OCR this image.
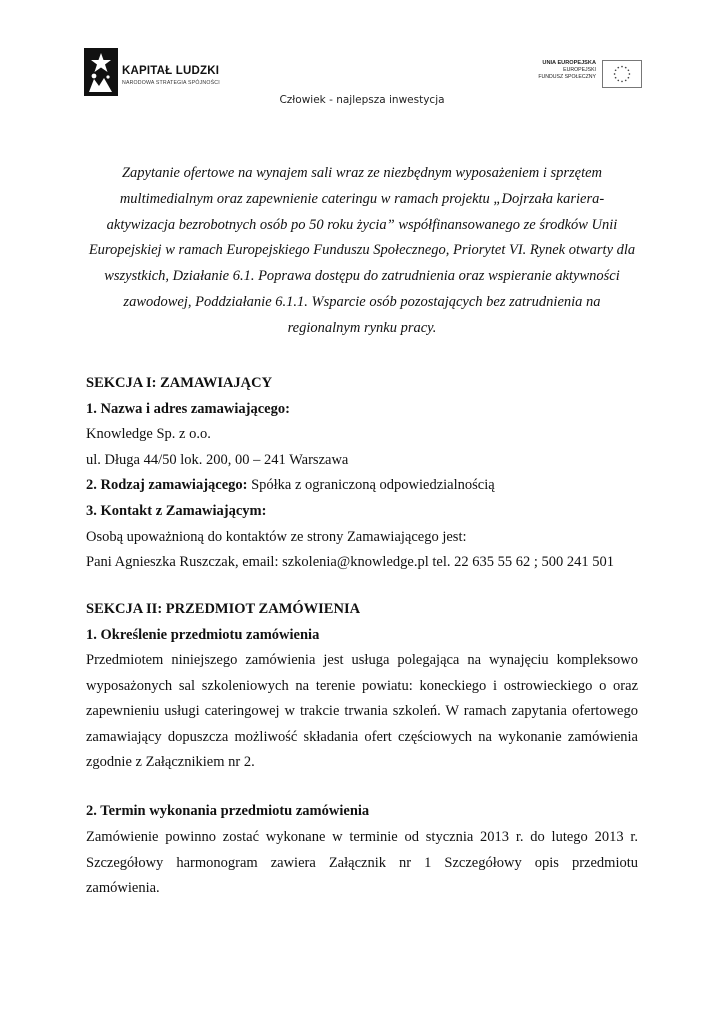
KAPITAŁ LUDZKI
NARODOWA STRATEGIA SPÓJNOŚCI
UNIA EUROPEJSKA
EUROPEJSKI
FUNDUSZ SPOŁECZNY
Człowiek - najlepsza inwestycja

Zapytanie ofertowe na wynajem sali wraz ze niezbędnym wyposażeniem i sprzętem multimedialnym oraz zapewnienie cateringu w ramach projektu „Dojrzała kariera- aktywizacja bezrobotnych osób po 50 roku życia” współfinansowanego ze środków Unii Europejskiej w ramach Europejskiego Funduszu Społecznego, Priorytet VI. Rynek otwarty dla wszystkich, Działanie 6.1. Poprawa dostępu do zatrudnienia oraz wspieranie aktywności zawodowej, Poddziałanie 6.1.1. Wsparcie osób pozostających bez zatrudnienia na regionalnym rynku pracy.

SEKCJA I: ZAMAWIAJĄCY
1. Nazwa i adres zamawiającego:
Knowledge Sp. z o.o.
ul. Długa 44/50 lok. 200, 00 – 241 Warszawa
2. Rodzaj zamawiającego: Spółka z ograniczoną odpowiedzialnością
3. Kontakt z Zamawiającym:
Osobą upoważnioną do kontaktów ze strony Zamawiającego jest:
Pani Agnieszka Ruszczak, email: szkolenia@knowledge.pl tel. 22 635 55 62 ; 500 241 501
SEKCJA II: PRZEDMIOT ZAMÓWIENIA
1. Określenie przedmiotu zamówienia

Przedmiotem niniejszego zamówienia jest usługa polegająca na wynajęciu kompleksowo wyposażonych sal szkoleniowych na terenie powiatu: koneckiego i ostrowieckiego o oraz zapewnieniu usługi cateringowej w trakcie trwania szkoleń. W ramach zapytania ofertowego zamawiający dopuszcza możliwość składania ofert częściowych na wykonanie zamówienia zgodnie z Załącznikiem nr 2.

2. Termin wykonania przedmiotu zamówienia

Zamówienie powinno zostać wykonane w terminie od stycznia 2013 r. do lutego 2013 r. Szczegółowy harmonogram zawiera Załącznik nr 1 Szczegółowy opis przedmiotu zamówienia.
